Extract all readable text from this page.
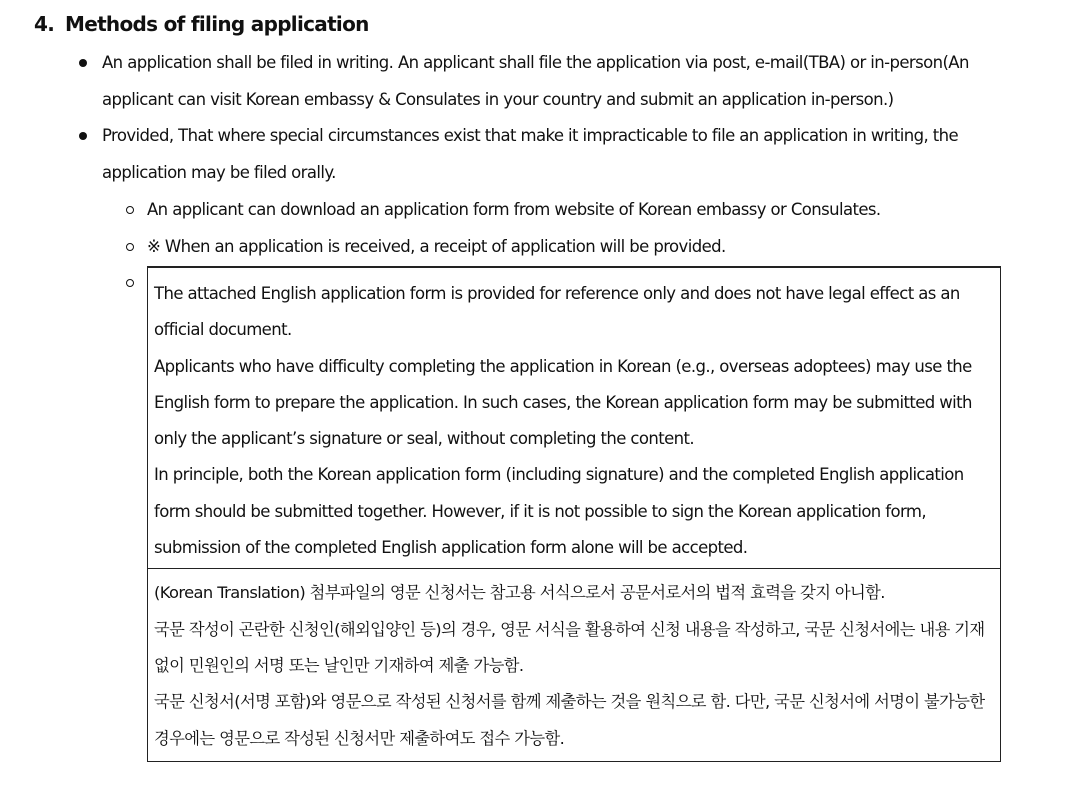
4. Methods of filing application
An application shall be filed in writing. An applicant shall file the application via post, e-mail(TBA) or in-person(An applicant can visit Korean embassy & Consulates in your country and submit an application in-person.)
Provided, That where special circumstances exist that make it impracticable to file an application in writing, the application may be filed orally.
An applicant can download an application form from website of Korean embassy or Consulates.
※ When an application is received, a receipt of application will be provided.
The attached English application form is provided for reference only and does not have legal effect as an official document.
Applicants who have difficulty completing the application in Korean (e.g., overseas adoptees) may use the English form to prepare the application. In such cases, the Korean application form may be submitted with only the applicant’s signature or seal, without completing the content.
In principle, both the Korean application form (including signature) and the completed English application form should be submitted together. However, if it is not possible to sign the Korean application form, submission of the completed English application form alone will be accepted.
(Korean Translation) 첨부파일의 영문 신청서는 참고용 서식으로서 공문서로서의 법적 효력을 갖지 아니함.
국문 작성이 곤란한 신청인(해외입양인 등)의 경우, 영문 서식을 활용하여 신청 내용을 작성하고, 국문 신청서에는 내용 기재 없이 민원인의 서명 또는 날인만 기재하여 제출 가능함.
국문 신청서(서명 포함)와 영문으로 작성된 신청서를 함께 제출하는 것을 원칙으로 함. 다만, 국문 신청서에 서명이 불가능한 경우에는 영문으로 작성된 신청서만 제출하여도 접수 가능함.
